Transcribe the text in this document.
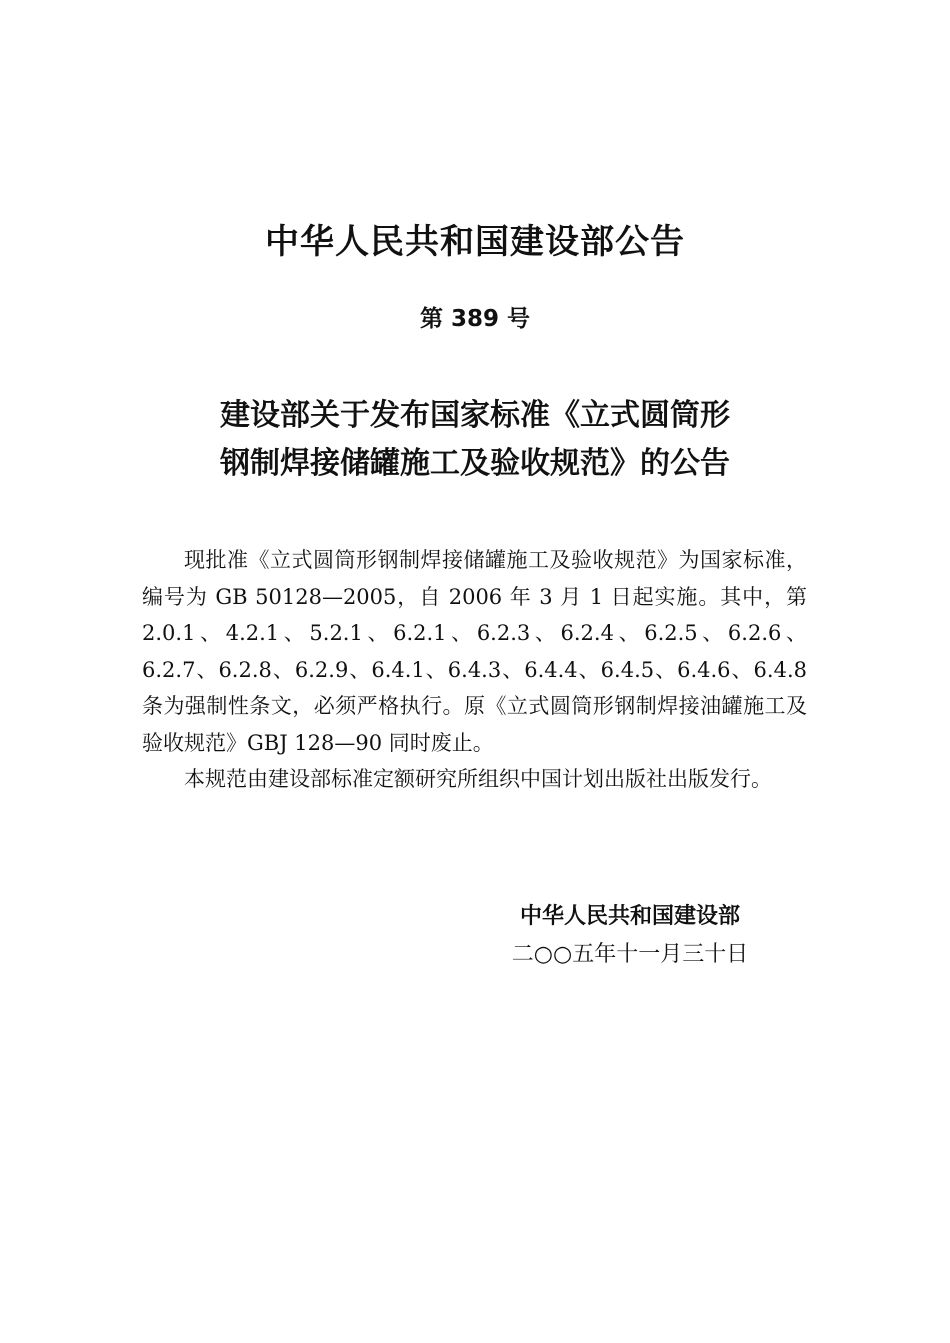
中华人民共和国建设部公告
第 389 号
建设部关于发布国家标准《立式圆筒形
钢制焊接储罐施工及验收规范》的公告

现批准《立式圆筒形钢制焊接储罐施工及验收规范》为国家标准，编号为 GB 50128—2005，自 2006 年 3 月 1 日起实施。其中，第 2.0.1、4.2.1、5.2.1、6.2.1、6.2.3、6.2.4、6.2.5、6.2.6、6.2.7、6.2.8、6.2.9、6.4.1、6.4.3、6.4.4、6.4.5、6.4.6、6.4.8 条为强制性条文，必须严格执行。原《立式圆筒形钢制焊接油罐施工及验收规范》GBJ 128—90 同时废止。

本规范由建设部标准定额研究所组织中国计划出版社出版发行。

中华人民共和国建设部
二○○五年十一月三十日
